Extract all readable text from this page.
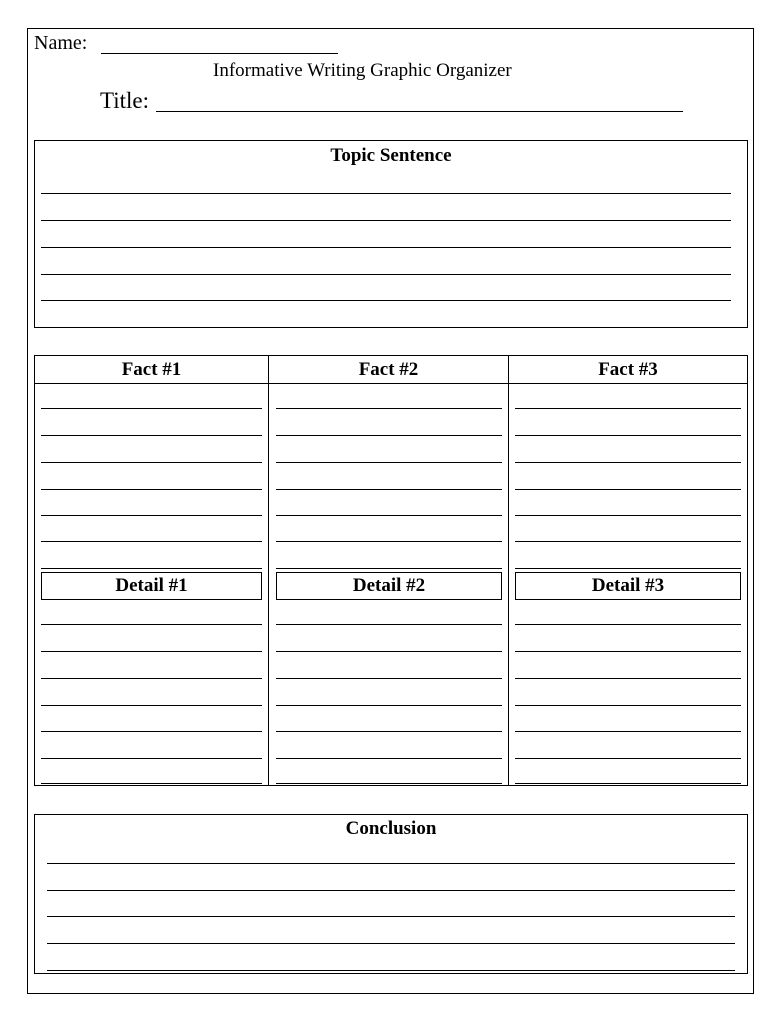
Name:
Informative Writing Graphic Organizer
Title:
Topic Sentence
Fact #1	Fact #2	Fact #3
Detail #1	Detail #2	Detail #3
Conclusion
